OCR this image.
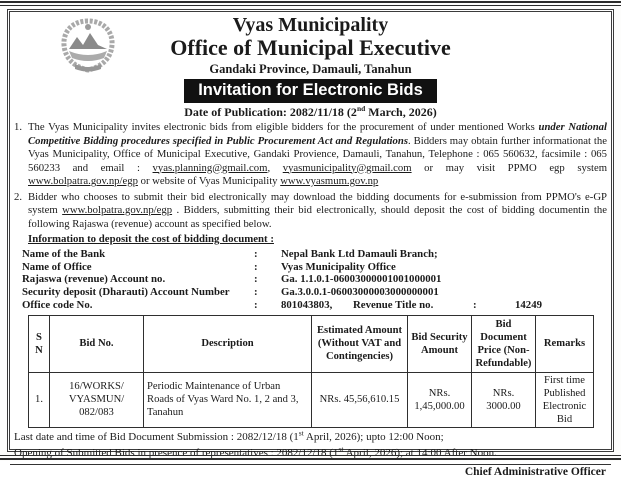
Vyas Municipality
Office of Municipal Executive
Gandaki Province, Damauli, Tanahun
Invitation for Electronic Bids
Date of Publication: 2082/11/18 (2nd March, 2026)
1. The Vyas Municipality invites electronic bids from eligible bidders for the procurement of under mentioned Works under National Competitive Bidding procedures specified in Public Procurement Act and Regulations. Bidders may obtain further informationat the Vyas Municipality, Office of Municipal Executive, Gandaki Provience, Damauli, Tanahun, Telephone : 065 560632, facsimile : 065 560233 and email : vyas.planning@gmail.com, vyasmunicipality@gmail.com or may visit PPMO egp system www.bolpatra.gov.np/egp or website of Vyas Municipality www.vyasmum.gov.np
2. Bidder who chooses to submit their bid electronically may download the bidding documents for e-submission from PPMO's e-GP system www.bolpatra.gov.np/egp . Bidders, submitting their bid electronically, should deposit the cost of bidding documentin the following Rajaswa (revenue) account as specified below.
Information to deposit the cost of bidding document :
Name of the Bank	:	Nepal Bank Ltd Damauli Branch;
Name of Office	:	Vyas Municipality Office
Rajaswa (revenue) Account no.	:	Ga. 1.1.0.1-06003000001001000001
Security deposit (Dharauti) Account Number	:	Ga.3.0.0.1-06003000003000000001
Office code No.	:	801043803,	Revenue Title no.	:	14249
S N	Bid No.	Description	Estimated Amount (Without VAT and Contingencies)	Bid Security Amount	Bid Document Price (Non-Refundable)	Remarks
1.	16/WORKS/ VYASMUN/ 082/083	Periodic Maintenance of Urban Roads of Vyas Ward No. 1, 2 and 3, Tanahun	NRs. 45,56,610.15	NRs. 1,45,000.00	NRs. 3000.00	First time Published Electronic Bid
Last date and time of Bid Document Submission : 2082/12/18 (1st April, 2026); upto 12:00 Noon;
Opening of Submitted Bids in presence of representatives : 2082/12/18 (1st April, 2026); at 14:00 After Noon.
Chief Administrative Officer
